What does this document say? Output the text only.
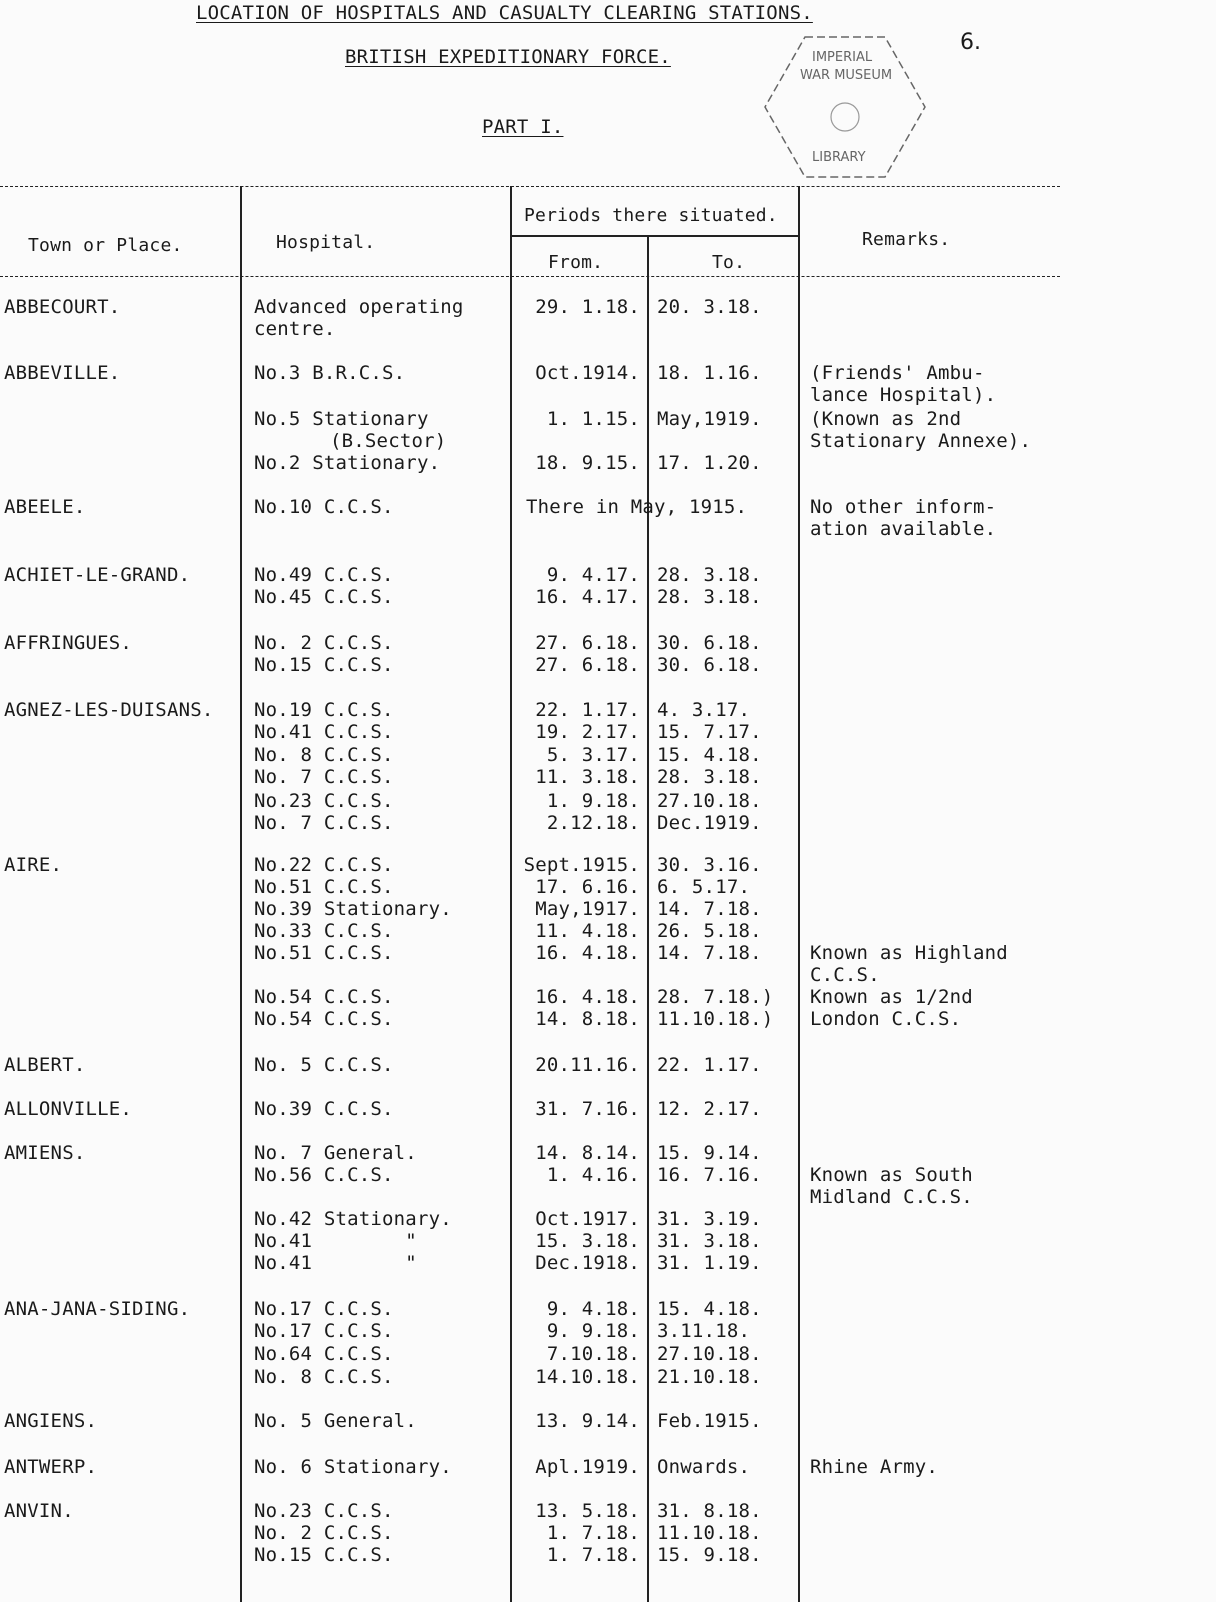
LOCATION OF HOSPITALS AND CASUALTY CLEARING STATIONS.
BRITISH EXPEDITIONARY FORCE.
PART I.
6.
IMPERIAL
WAR MUSEUM
LIBRARY
Town or Place.	Hospital.
Periods there situated.
From.	To.
Remarks.
ABBECOURT.	Advanced operating	29. 1.18. 20. 3.18.
centre.
ABBEVILLE.	No.3 B.R.C.S.	Oct.1914. 18. 1.16.	(Friends' Ambu-
lance Hospital).
No.5 Stationary	1. 1.15. May,1919.	(Known as 2nd
(B.Sector)	Stationary Annexe).
No.2 Stationary.	18. 9.15. 17. 1.20.
ABEELE.	No.10 C.C.S.	There in May, 1915.	No other inform-
ation available.
ACHIET-LE-GRAND.	No.49 C.C.S.	9. 4.17. 28. 3.18.
No.45 C.C.S.	16. 4.17. 28. 3.18.
AFFRINGUES.	No. 2 C.C.S.	27. 6.18. 30. 6.18.
No.15 C.C.S.	27. 6.18. 30. 6.18.
AGNEZ-LES-DUISANS. No.19 C.C.S.	22. 1.17. 4. 3.17.
No.41 C.C.S.	19. 2.17. 15. 7.17.
No. 8 C.C.S.	5. 3.17. 15. 4.18.
No. 7 C.C.S.	11. 3.18. 28. 3.18.
No.23 C.C.S.	1. 9.18. 27.10.18.
No. 7 C.C.S.	2.12.18. Dec.1919.
AIRE.	No.22 C.C.S.	Sept.1915. 30. 3.16.
No.51 C.C.S.	17. 6.16. 6. 5.17.
No.39 Stationary.	May,1917. 14. 7.18.
No.33 C.C.S.	11. 4.18. 26. 5.18.
No.51 C.C.S.	16. 4.18. 14. 7.18.	Known as Highland
C.C.S.
No.54 C.C.S.	16. 4.18. 28. 7.18.) Known as 1/2nd
No.54 C.C.S.	14. 8.18. 11.10.18.) London C.C.S.
ALBERT.	No. 5 C.C.S.	20.11.16. 22. 1.17.
ALLONVILLE.	No.39 C.C.S.	31. 7.16. 12. 2.17.
AMIENS.	No. 7 General.	14. 8.14. 15. 9.14.
No.56 C.C.S.	1. 4.16. 16. 7.16.	Known as South
Midland C.C.S.
No.42 Stationary.	Oct.1917. 31. 3.19.
No.41        "	15. 3.18. 31. 3.18.
No.41        "	Dec.1918. 31. 1.19.
ANA-JANA-SIDING.	No.17 C.C.S.	9. 4.18. 15. 4.18.
No.17 C.C.S.	9. 9.18. 3.11.18.
No.64 C.C.S.	7.10.18. 27.10.18.
No. 8 C.C.S.	14.10.18. 21.10.18.
ANGIENS.	No. 5 General.	13. 9.14. Feb.1915.
ANTWERP.	No. 6 Stationary.	Apl.1919. Onwards.	Rhine Army.
ANVIN.	No.23 C.C.S.	13. 5.18. 31. 8.18.
No. 2 C.C.S.	1. 7.18. 11.10.18.
No.15 C.C.S.	1. 7.18. 15. 9.18.
